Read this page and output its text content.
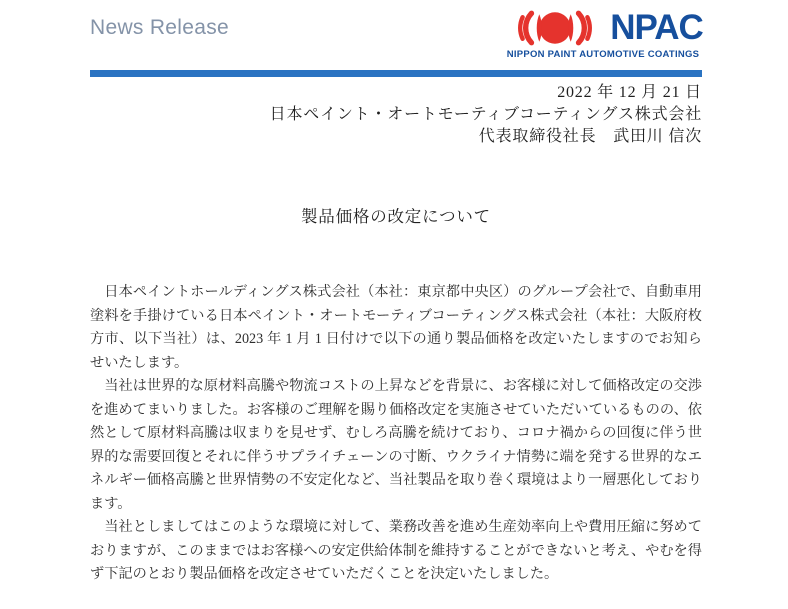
News Release	NPAC
NIPPON PAINT AUTOMOTIVE COATINGS
2022 年 12 月 21 日
日本ペイント・オートモーティブコーティングス株式会社
代表取締役社長　武田川 信次
製品価格の改定について

　日本ペイントホールディングス株式会社（本社：東京都中央区）のグループ会社で、自動車用塗料を手掛けている日本ペイント・オートモーティブコーティングス株式会社（本社：大阪府枚方市、以下当社）は、2023 年 1 月 1 日付けで以下の通り製品価格を改定いたしますのでお知らせいたします。

　当社は世界的な原材料高騰や物流コストの上昇などを背景に、お客様に対して価格改定の交渉を進めてまいりました。お客様のご理解を賜り価格改定を実施させていただいているものの、依然として原材料高騰は収まりを見せず、むしろ高騰を続けており、コロナ禍からの回復に伴う世界的な需要回復とそれに伴うサプライチェーンの寸断、ウクライナ情勢に端を発する世界的なエネルギー価格高騰と世界情勢の不安定化など、当社製品を取り巻く環境はより一層悪化しております。

　当社としましてはこのような環境に対して、業務改善を進め生産効率向上や費用圧縮に努めておりますが、このままではお客様への安定供給体制を維持することができないと考え、やむを得ず下記のとおり製品価格を改定させていただくことを決定いたしました。
